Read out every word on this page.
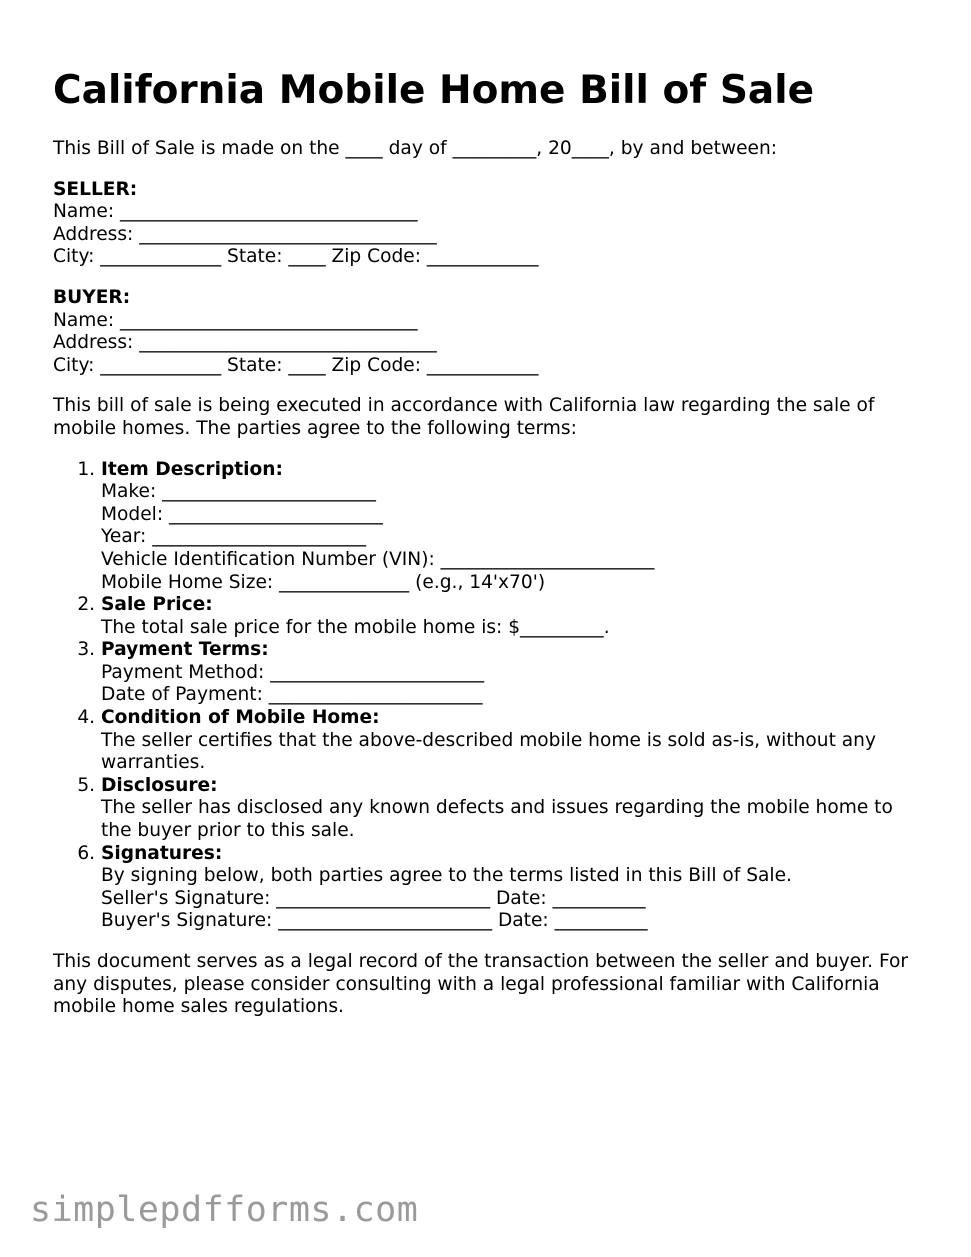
California Mobile Home Bill of Sale
This Bill of Sale is made on the ____ day of _________, 20____, by and between:
SELLER:
Name: ________________________________
Address: ________________________________
City: _____________ State: ____ Zip Code: ____________
BUYER:
Name: ________________________________
Address: ________________________________
City: _____________ State: ____ Zip Code: ____________
This bill of sale is being executed in accordance with California law regarding the sale of mobile homes. The parties agree to the following terms:
1. Item Description:
Make: _______________________
Model: _______________________
Year: _______________________
Vehicle Identification Number (VIN): _______________________
Mobile Home Size: ______________ (e.g., 14'x70')
2. Sale Price:
The total sale price for the mobile home is: $_________.
3. Payment Terms:
Payment Method: _______________________
Date of Payment: _______________________
4. Condition of Mobile Home:
The seller certifies that the above-described mobile home is sold as-is, without any warranties.
5. Disclosure:
The seller has disclosed any known defects and issues regarding the mobile home to the buyer prior to this sale.
6. Signatures:
By signing below, both parties agree to the terms listed in this Bill of Sale.
Seller's Signature: _______________________ Date: __________
Buyer's Signature: _______________________ Date: __________
This document serves as a legal record of the transaction between the seller and buyer. For any disputes, please consider consulting with a legal professional familiar with California mobile home sales regulations.
simplepdfforms.com
